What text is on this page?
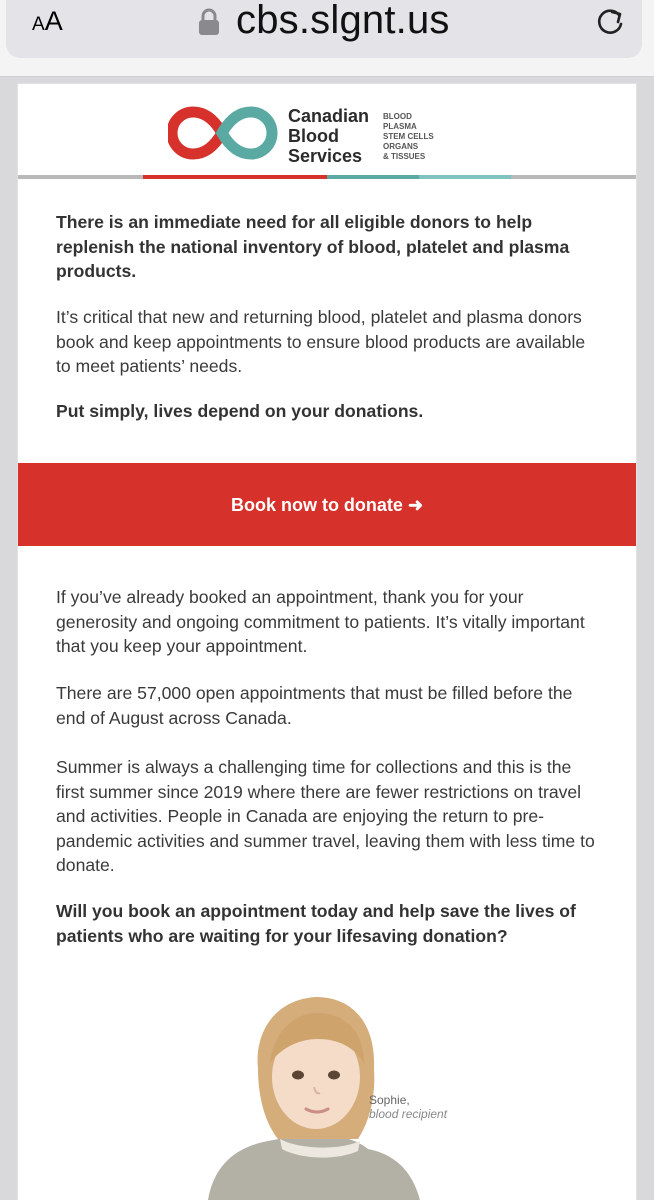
AA	cbs.slgnt.us
Canadian
Blood
Services
BLOOD
PLASMA
STEM CELLS
ORGANS
& TISSUES
There is an immediate need for all eligible donors to help replenish the national inventory of blood, platelet and plasma products.
It’s critical that new and returning blood, platelet and plasma donors book and keep appointments to ensure blood products are available to meet patients’ needs.
Put simply, lives depend on your donations.
Book now to donate ➜
If you’ve already booked an appointment, thank you for your generosity and ongoing commitment to patients. It’s vitally important that you keep your appointment.
There are 57,000 open appointments that must be filled before the end of August across Canada.
Summer is always a challenging time for collections and this is the first summer since 2019 where there are fewer restrictions on travel and activities. People in Canada are enjoying the return to pre-pandemic activities and summer travel, leaving them with less time to donate.
Will you book an appointment today and help save the lives of patients who are waiting for your lifesaving donation?
Sophie,
blood recipient
